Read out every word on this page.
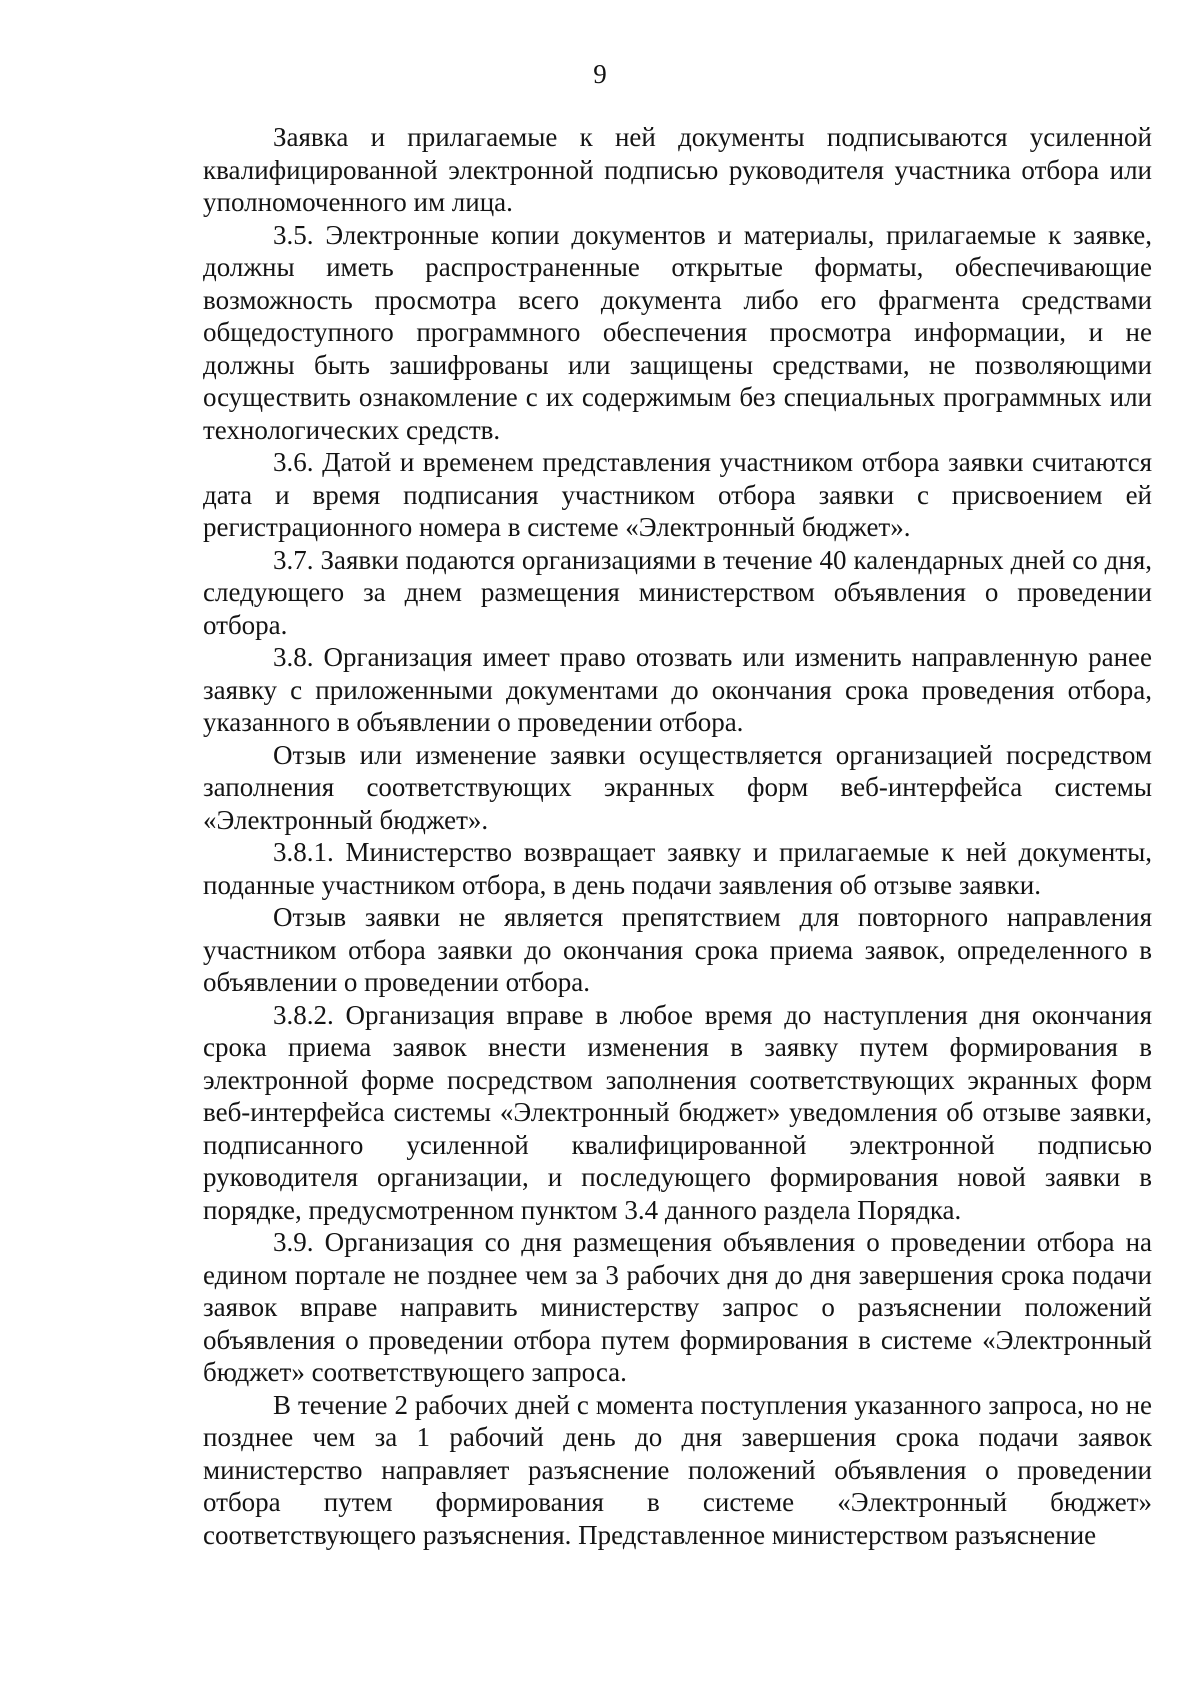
9

Заявка и прилагаемые к ней документы подписываются усиленной квалифицированной электронной подписью руководителя участника отбора или уполномоченного им лица.

3.5. Электронные копии документов и материалы, прилагаемые к заявке, должны иметь распространенные открытые форматы, обеспечивающие возможность просмотра всего документа либо его фрагмента средствами общедоступного программного обеспечения просмотра информации, и не должны быть зашифрованы или защищены средствами, не позволяющими осуществить ознакомление с их содержимым без специальных программных или технологических средств.

3.6. Датой и временем представления участником отбора заявки считаются дата и время подписания участником отбора заявки с присвоением ей регистрационного номера в системе «Электронный бюджет».

3.7. Заявки подаются организациями в течение 40 календарных дней со дня, следующего за днем размещения министерством объявления о проведении отбора.

3.8. Организация имеет право отозвать или изменить направленную ранее заявку с приложенными документами до окончания срока проведения отбора, указанного в объявлении о проведении отбора.

Отзыв или изменение заявки осуществляется организацией посредством заполнения соответствующих экранных форм веб-интерфейса системы «Электронный бюджет».

3.8.1. Министерство возвращает заявку и прилагаемые к ней документы, поданные участником отбора, в день подачи заявления об отзыве заявки.

Отзыв заявки не является препятствием для повторного направления участником отбора заявки до окончания срока приема заявок, определенного в объявлении о проведении отбора.

3.8.2. Организация вправе в любое время до наступления дня окончания срока приема заявок внести изменения в заявку путем формирования в электронной форме посредством заполнения соответствующих экранных форм веб-интерфейса системы «Электронный бюджет» уведомления об отзыве заявки, подписанного усиленной квалифицированной электронной подписью руководителя организации, и последующего формирования новой заявки в порядке, предусмотренном пунктом 3.4 данного раздела Порядка.

3.9. Организация со дня размещения объявления о проведении отбора на едином портале не позднее чем за 3 рабочих дня до дня завершения срока подачи заявок вправе направить министерству запрос о разъяснении положений объявления о проведении отбора путем формирования в системе «Электронный бюджет» соответствующего запроса.

В течение 2 рабочих дней с момента поступления указанного запроса, но не позднее чем за 1 рабочий день до дня завершения срока подачи заявок министерство направляет разъяснение положений объявления о проведении отбора путем формирования в системе «Электронный бюджет» соответствующего разъяснения. Представленное министерством разъяснение
